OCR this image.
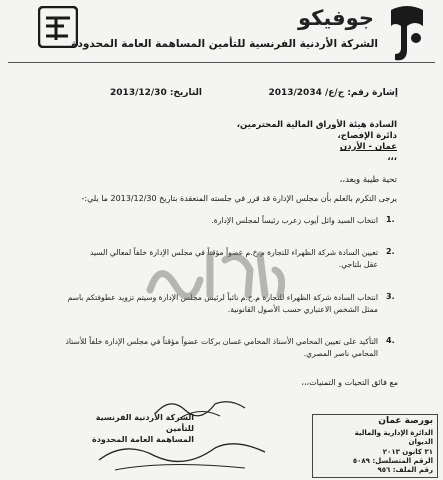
جوفيكو
الشركة الأردنية الفرنسية للتأمين المساهمة العامة المحدودة
إشارة رقم: ج/ع/ 2013/2034
التاريخ: 2013/12/30
السادة هيئة الأوراق المالية المحترمين،
دائرة الإفصاح،
عمان - الأردن
،،،
تحية طيبة وبعد،،
يرجى التكرم بالعلم بأن مجلس الإدارة قد قرر في جلسته المنعقدة بتاريخ 2013/12/30 ما يلي:-
1.
انتخاب السيد وائل أيوب زعرب رئيساً لمجلس الإدارة.
2.
تعيين السادة شركة الظهراء للتجارة م.خ.م عضواً مؤقتاً في مجلس الإدارة خلفاً لمعالي السيد عقل بلتاجي.
3.
انتخاب السادة شركة الظهراء للتجارة م.خ.م نائباً لرئيس مجلس الإدارة وسيتم تزويد عطوفتكم باسم ممثل الشخص الاعتباري حسب الأصول القانونية.
4.
التأكيد على تعيين المحامي الأستاذ المحامي غسان بركات عضواً مؤقتاً في مجلس الإدارة خلفاً للأستاذ المحامي ناصر المصري.
مع فائق التحيات و التمنيات،،،
الشركة الأردنية الفرنسية للتأمين
المساهمة العامة المحدودة
بورصة عمان
الدائرة الإدارية والمالية
الديوان
٣١ كانون ٢٠١٣
الرقم المتسلسل: ٥٠٨٩
رقم الملف: ٩٥٦
